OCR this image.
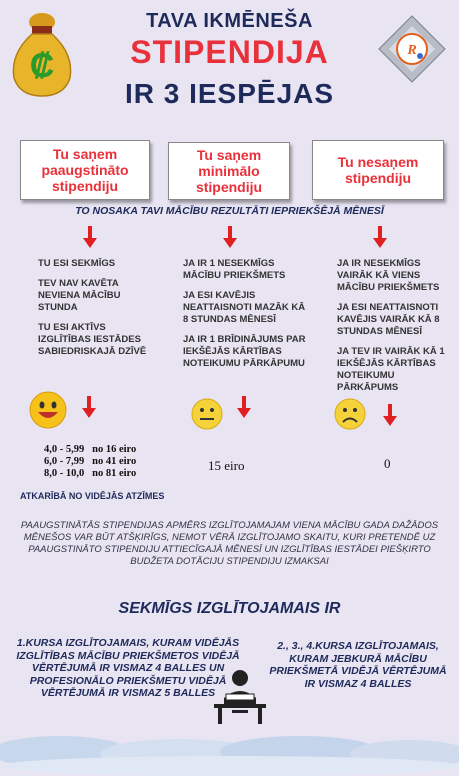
₡	R
TAVA IKMĒNEŠA
STIPENDIJA
IR 3 IESPĒJAS
Tu saņem paaugstināto stipendiju
Tu saņem minimālo stipendiju
Tu nesaņem stipendiju
TO NOSAKA TAVI MĀCĪBU REZULTĀTI IEPRIEKŠĒJĀ MĒNESĪ

TU ESI SEKMĪGS

TEV NAV KAVĒTA NEVIENA MĀCĪBU STUNDA

TU ESI AKTĪVS IZGLĪTĪBAS IESTĀDES SABIEDRISKAJĀ DZĪVĒ

JA IR 1 NESEKMĪGS MĀCĪBU PRIEKŠMETS

JA ESI KAVĒJIS NEATTAISNOTI MAZĀK KĀ 8 STUNDAS MĒNESĪ

JA IR 1 BRĪDINĀJUMS PAR IEKŠĒJĀS KĀRTĪBAS NOTEIKUMU PĀRKĀPUMU

JA IR NESEKMĪGS VAIRĀK KĀ VIENS MĀCĪBU PRIEKŠMETS

JA ESI NEATTAISNOTI KAVĒJIS VAIRĀK KĀ 8 STUNDAS MĒNESĪ

JA TEV IR VAIRĀK KĀ 1 IEKŠĒJĀS KĀRTĪBAS NOTEIKUMU PĀRKĀPUMS

4,0 - 5,99 no 16 eiro
6,0 - 7,99 no 41 eiro
8,0 - 10,0 no 81 eiro
15 eiro	0
ATKARĪBĀ NO VIDĒJĀS ATZĪMES
PAAUGSTINĀTĀS STIPENDIJAS APMĒRS IZGLĪTOJAMAJAM VIENA MĀCĪBU GADA DAŽĀDOS MĒNEŠOS VAR BŪT ATŠĶIRĪGS, NEMOT VĒRĀ IZGLĪTOJAMO SKAITU, KURI PRETENDĒ UZ PAAUGSTINĀTO STIPENDIJU ATTIECĪGAJĀ MĒNESĪ UN IZGLĪTĪBAS IESTĀDEI PIEŠĶIRTO BUDŽETA DOTĀCIJU STIPENDIJU IZMAKSAI
SEKMĪGS IZGLĪTOJAMAIS IR
1.KURSA IZGLĪTOJAMAIS, KURAM VIDĒJĀS IZGLĪTĪBAS MĀCĪBU PRIEKŠMETOS VIDĒJĀ VĒRTĒJUMĀ IR VISMAZ 4 BALLES UN PROFESIONĀLO PRIEKŠMETU VIDĒJĀ VĒRTĒJUMĀ IR VISMAZ 5 BALLES
2., 3., 4.KURSA IZGLĪTOJAMAIS, KURAM JEBKURĀ MĀCĪBU PRIEKŠMETĀ VIDĒJĀ VĒRTĒJUMĀ IR VISMAZ 4 BALLES
